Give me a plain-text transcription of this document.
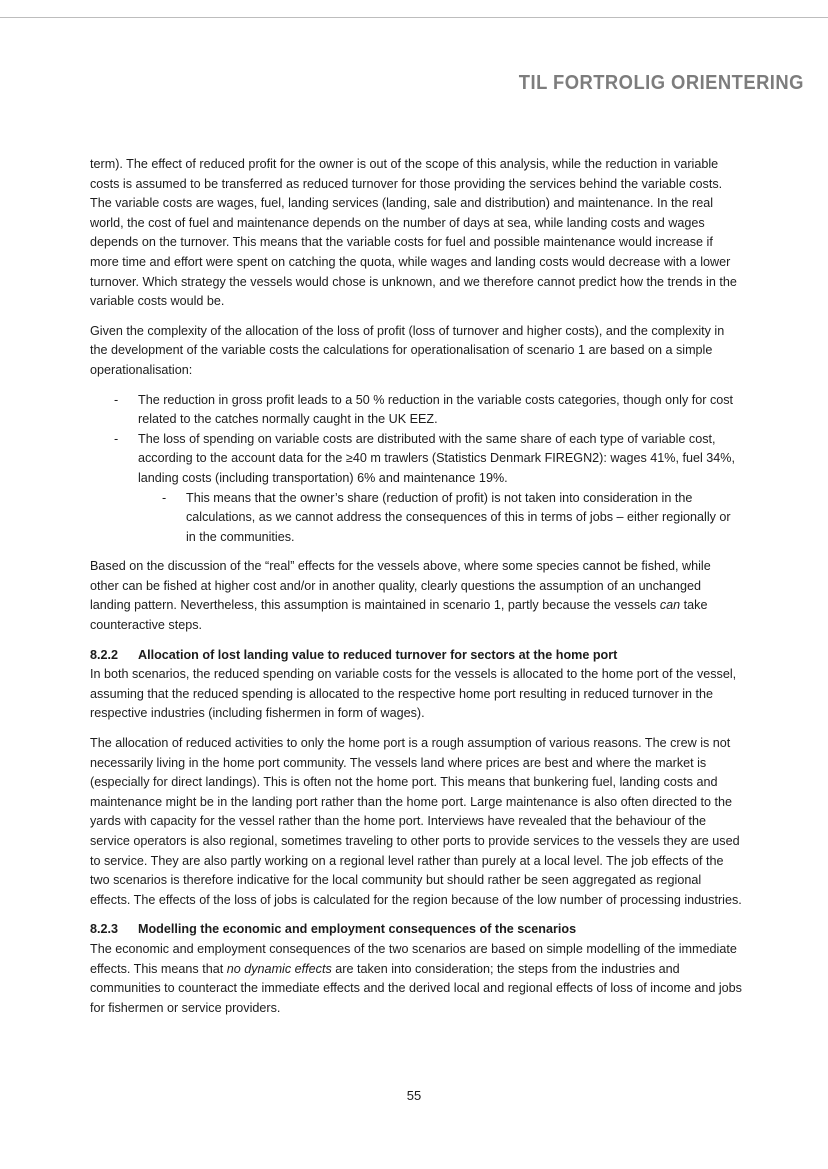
TIL FORTROLIG ORIENTERING

term). The effect of reduced profit for the owner is out of the scope of this analysis, while the reduction in variable costs is assumed to be transferred as reduced turnover for those providing the services behind the variable costs. The variable costs are wages, fuel, landing services (landing, sale and distribution) and maintenance. In the real world, the cost of fuel and maintenance depends on the number of days at sea, while landing costs and wages depends on the turnover. This means that the variable costs for fuel and possible maintenance would increase if more time and effort were spent on catching the quota, while wages and landing costs would decrease with a lower turnover. Which strategy the vessels would chose is unknown, and we therefore cannot predict how the trends in the variable costs would be.

Given the complexity of the allocation of the loss of profit (loss of turnover and higher costs), and the complexity in the development of the variable costs the calculations for operationalisation of scenario 1 are based on a simple operationalisation:

- The reduction in gross profit leads to a 50 % reduction in the variable costs categories, though only for cost related to the catches normally caught in the UK EEZ.
- The loss of spending on variable costs are distributed with the same share of each type of variable cost, according to the account data for the ≥40 m trawlers (Statistics Denmark FIREGN2): wages 41%, fuel 34%, landing costs (including transportation) 6% and maintenance 19%.
- This means that the owner’s share (reduction of profit) is not taken into consideration in the calculations, as we cannot address the consequences of this in terms of jobs – either regionally or in the communities.

Based on the discussion of the “real” effects for the vessels above, where some species cannot be fished, while other can be fished at higher cost and/or in another quality, clearly questions the assumption of an unchanged landing pattern. Nevertheless, this assumption is maintained in scenario 1, partly because the vessels can take counteractive steps.

8.2.2 Allocation of lost landing value to reduced turnover for sectors at the home port

In both scenarios, the reduced spending on variable costs for the vessels is allocated to the home port of the vessel, assuming that the reduced spending is allocated to the respective home port resulting in reduced turnover in the respective industries (including fishermen in form of wages).

The allocation of reduced activities to only the home port is a rough assumption of various reasons. The crew is not necessarily living in the home port community. The vessels land where prices are best and where the market is (especially for direct landings). This is often not the home port. This means that bunkering fuel, landing costs and maintenance might be in the landing port rather than the home port. Large maintenance is also often directed to the yards with capacity for the vessel rather than the home port. Interviews have revealed that the behaviour of the service operators is also regional, sometimes traveling to other ports to provide services to the vessels they are used to service. They are also partly working on a regional level rather than purely at a local level. The job effects of the two scenarios is therefore indicative for the local community but should rather be seen aggregated as regional effects. The effects of the loss of jobs is calculated for the region because of the low number of processing industries.

8.2.3 Modelling the economic and employment consequences of the scenarios

The economic and employment consequences of the two scenarios are based on simple modelling of the immediate effects. This means that no dynamic effects are taken into consideration; the steps from the industries and communities to counteract the immediate effects and the derived local and regional effects of loss of income and jobs for fishermen or service providers.

55
